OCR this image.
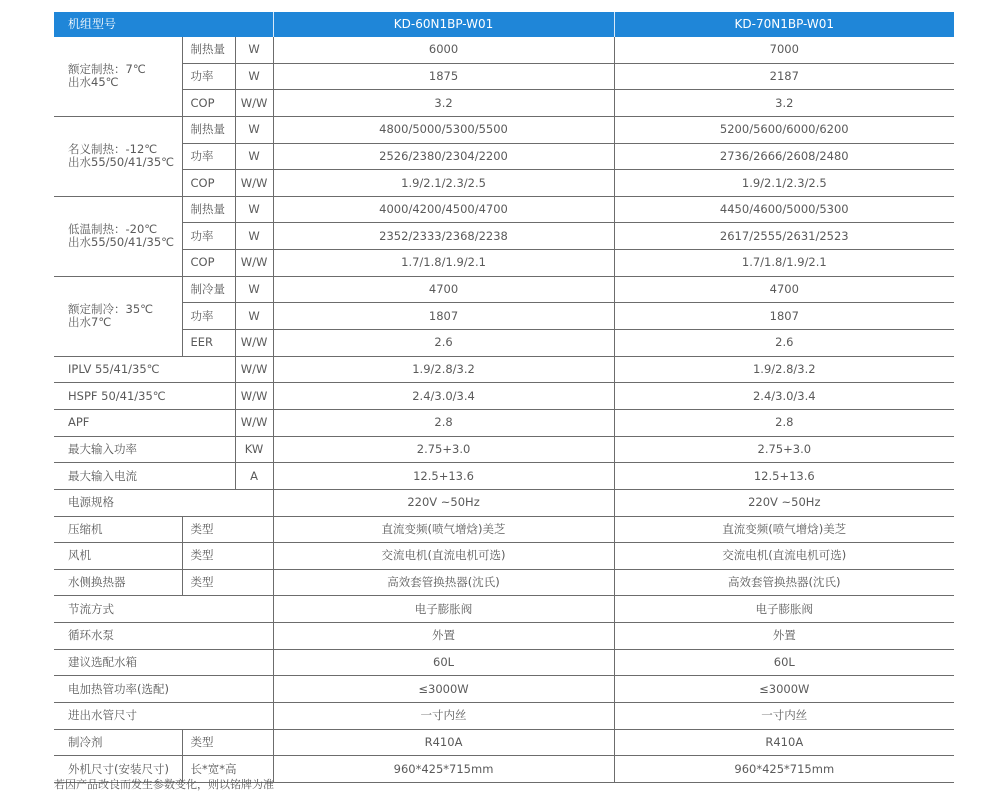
机组型号			KD-60N1BP-W01	KD-70N1BP-W01
额定制热：7℃
出水45℃	制热量	W	6000	7000
	功率	W	1875	2187
	COP	W/W	3.2	3.2
名义制热：-12℃
出水55/50/41/35℃	制热量	W	4800/5000/5300/5500	5200/5600/6000/6200
	功率	W	2526/2380/2304/2200	2736/2666/2608/2480
	COP	W/W	1.9/2.1/2.3/2.5	1.9/2.1/2.3/2.5
低温制热：-20℃
出水55/50/41/35℃	制热量	W	4000/4200/4500/4700	4450/4600/5000/5300
	功率	W	2352/2333/2368/2238	2617/2555/2631/2523
	COP	W/W	1.7/1.8/1.9/2.1	1.7/1.8/1.9/2.1
额定制冷：35℃
出水7℃	制冷量	W	4700	4700
	功率	W	1807	1807
	EER	W/W	2.6	2.6
IPLV 55/41/35℃		W/W	1.9/2.8/3.2	1.9/2.8/3.2
HSPF 50/41/35℃		W/W	2.4/3.0/3.4	2.4/3.0/3.4
APF		W/W	2.8	2.8
最大输入功率		KW	2.75+3.0	2.75+3.0
最大输入电流		A	12.5+13.6	12.5+13.6
电源规格			220V ~50Hz	220V ~50Hz
压缩机	类型		直流变频(喷气增焓)美芝	直流变频(喷气增焓)美芝
风机	类型		交流电机(直流电机可选)	交流电机(直流电机可选)
水侧换热器	类型		高效套管换热器(沈氏)	高效套管换热器(沈氏)
节流方式			电子膨胀阀	电子膨胀阀
循环水泵			外置	外置
建议选配水箱			60L	60L
电加热管功率(选配)			≤3000W	≤3000W
进出水管尺寸			一寸内丝	一寸内丝
制冷剂	类型		R410A	R410A
外机尺寸(安装尺寸)	长*宽*高		960*425*715mm	960*425*715mm
若因产品改良而发生参数变化，则以铭牌为准
